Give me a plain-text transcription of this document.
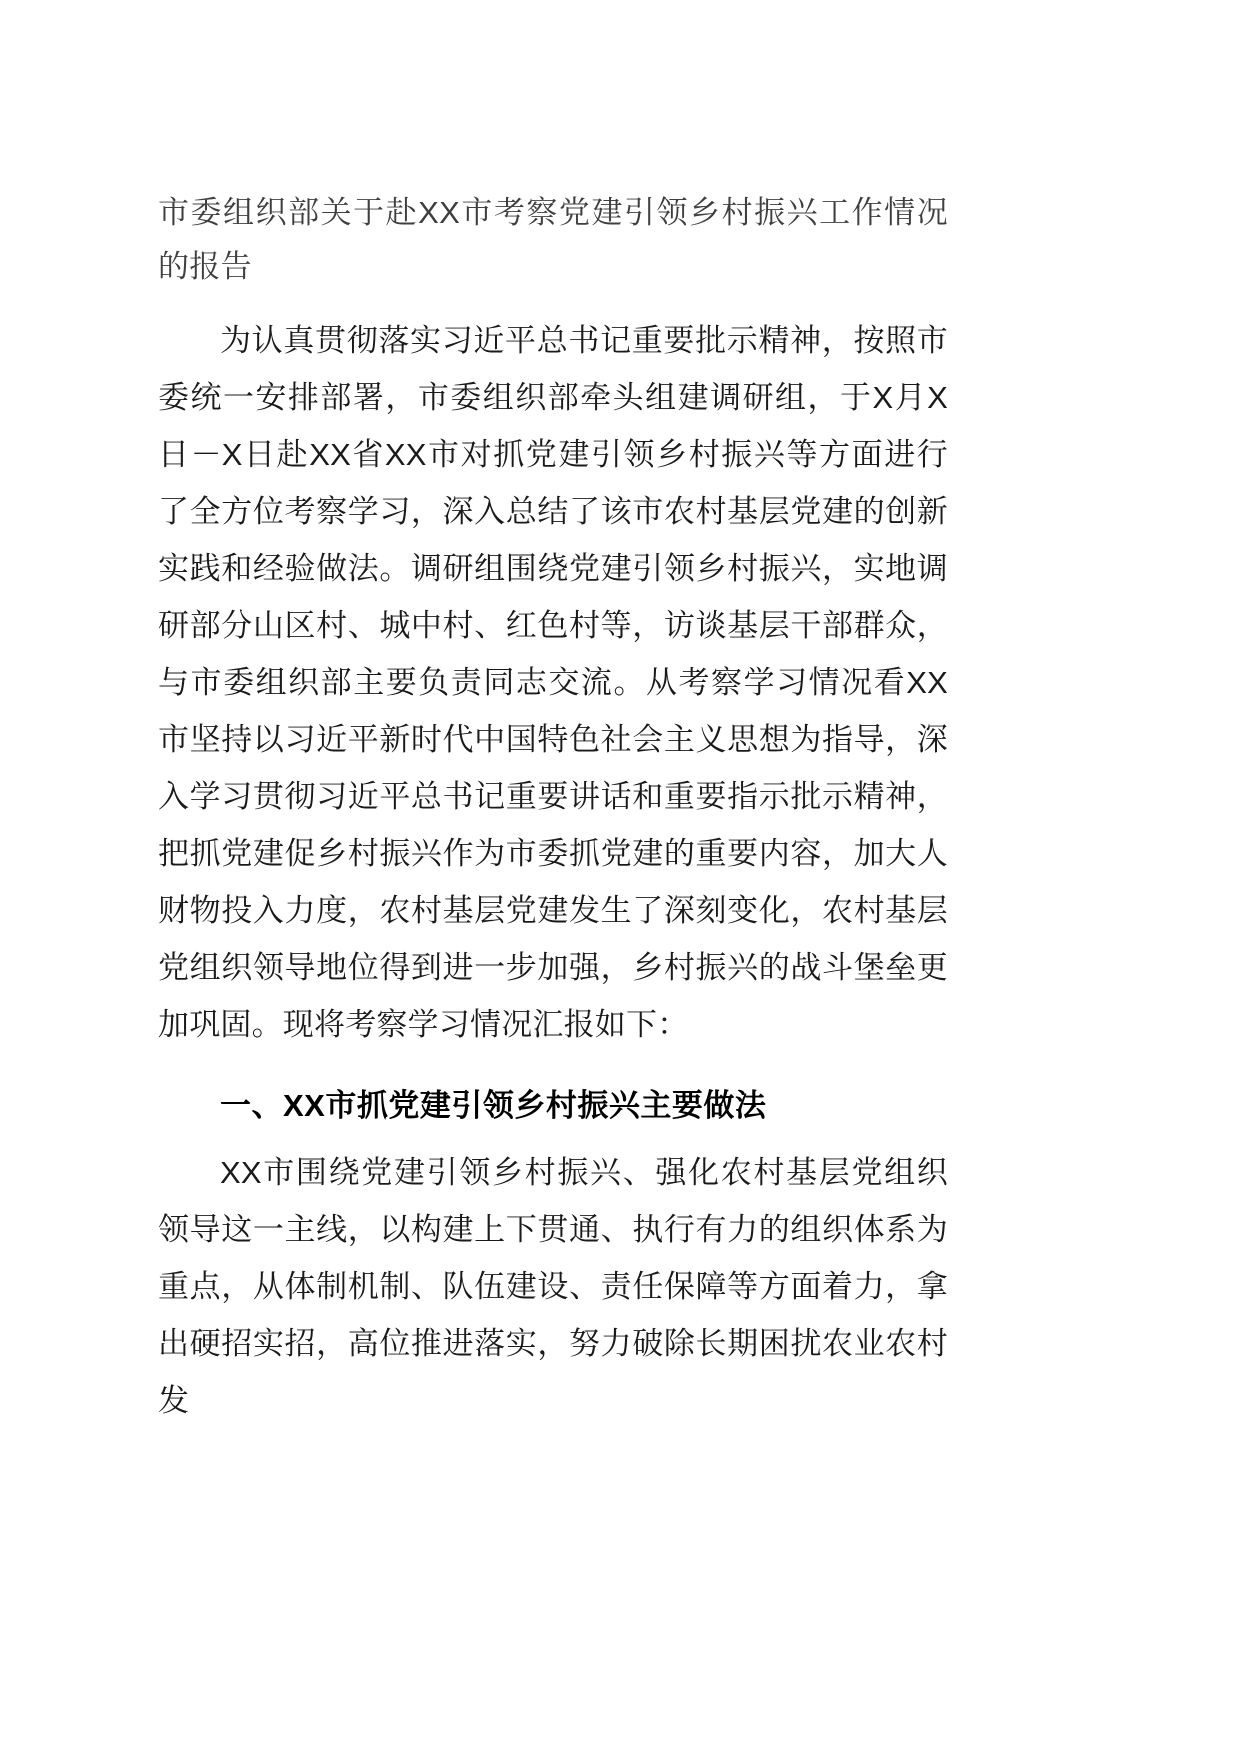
市委组织部关于赴XX市考察党建引领乡村振兴工作情况的报告

为认真贯彻落实习近平总书记重要批示精神，按照市委统一安排部署，市委组织部牵头组建调研组，于X月X日－X日赴XX省XX市对抓党建引领乡村振兴等方面进行了全方位考察学习，深入总结了该市农村基层党建的创新实践和经验做法。调研组围绕党建引领乡村振兴，实地调研部分山区村、城中村、红色村等，访谈基层干部群众，与市委组织部主要负责同志交流。从考察学习情况看XX市坚持以习近平新时代中国特色社会主义思想为指导，深入学习贯彻习近平总书记重要讲话和重要指示批示精神，把抓党建促乡村振兴作为市委抓党建的重要内容，加大人财物投入力度，农村基层党建发生了深刻变化，农村基层党组织领导地位得到进一步加强，乡村振兴的战斗堡垒更加巩固。现将考察学习情况汇报如下：

一、XX市抓党建引领乡村振兴主要做法

XX市围绕党建引领乡村振兴、强化农村基层党组织领导这一主线，以构建上下贯通、执行有力的组织体系为重点，从体制机制、队伍建设、责任保障等方面着力，拿出硬招实招，高位推进落实，努力破除长期困扰农业农村发
